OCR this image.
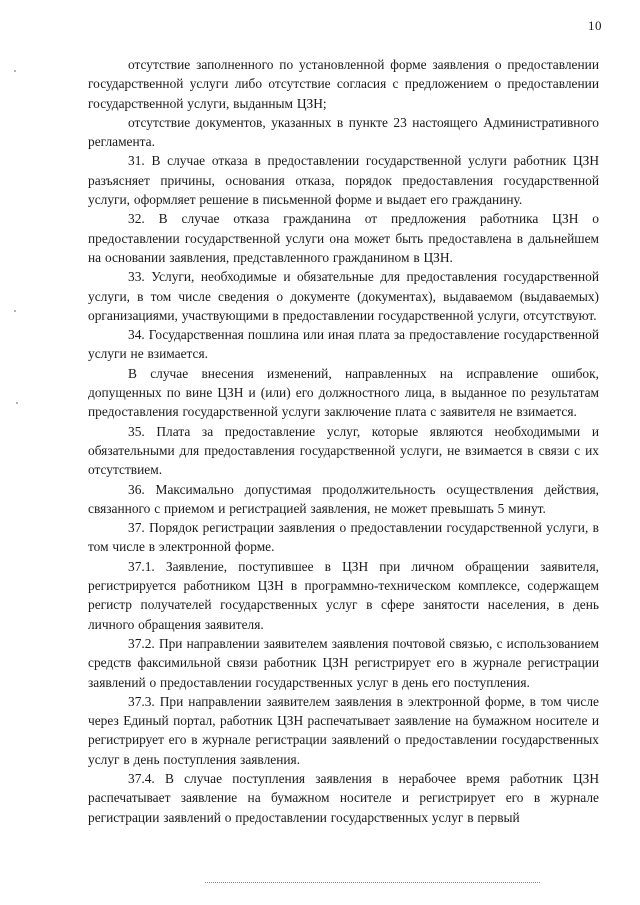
10

отсутствие заполненного по установленной форме заявления о предоставлении государственной услуги либо отсутствие согласия с предложением о предоставлении государственной услуги, выданным ЦЗН;

отсутствие документов, указанных в пункте 23 настоящего Административного регламента.

31. В случае отказа в предоставлении государственной услуги работник ЦЗН разъясняет причины, основания отказа, порядок предоставления государственной услуги, оформляет решение в письменной форме и выдает его гражданину.

32. В случае отказа гражданина от предложения работника ЦЗН о предоставлении государственной услуги она может быть предоставлена в дальнейшем на основании заявления, представленного гражданином в ЦЗН.

33. Услуги, необходимые и обязательные для предоставления государственной услуги, в том числе сведения о документе (документах), выдаваемом (выдаваемых) организациями, участвующими в предоставлении государственной услуги, отсутствуют.

34. Государственная пошлина или иная плата за предоставление государственной услуги не взимается.

В случае внесения изменений, направленных на исправление ошибок, допущенных по вине ЦЗН и (или) его должностного лица, в выданное по результатам предоставления государственной услуги заключение плата с заявителя не взимается.

35. Плата за предоставление услуг, которые являются необходимыми и обязательными для предоставления государственной услуги, не взимается в связи с их отсутствием.

36. Максимально допустимая продолжительность осуществления действия, связанного с приемом и регистрацией заявления, не может превышать 5 минут.

37. Порядок регистрации заявления о предоставлении государственной услуги, в том числе в электронной форме.

37.1. Заявление, поступившее в ЦЗН при личном обращении заявителя, регистрируется работником ЦЗН в программно-техническом комплексе, содержащем регистр получателей государственных услуг в сфере занятости населения, в день личного обращения заявителя.

37.2. При направлении заявителем заявления почтовой связью, с использованием средств факсимильной связи работник ЦЗН регистрирует его в журнале регистрации заявлений о предоставлении государственных услуг в день его поступления.

37.3. При направлении заявителем заявления в электронной форме, в том числе через Единый портал, работник ЦЗН распечатывает заявление на бумажном носителе и регистрирует его в журнале регистрации заявлений о предоставлении государственных услуг в день поступления заявления.

37.4. В случае поступления заявления в нерабочее время работник ЦЗН распечатывает заявление на бумажном носителе и регистрирует его в журнале регистрации заявлений о предоставлении государственных услуг в первый
